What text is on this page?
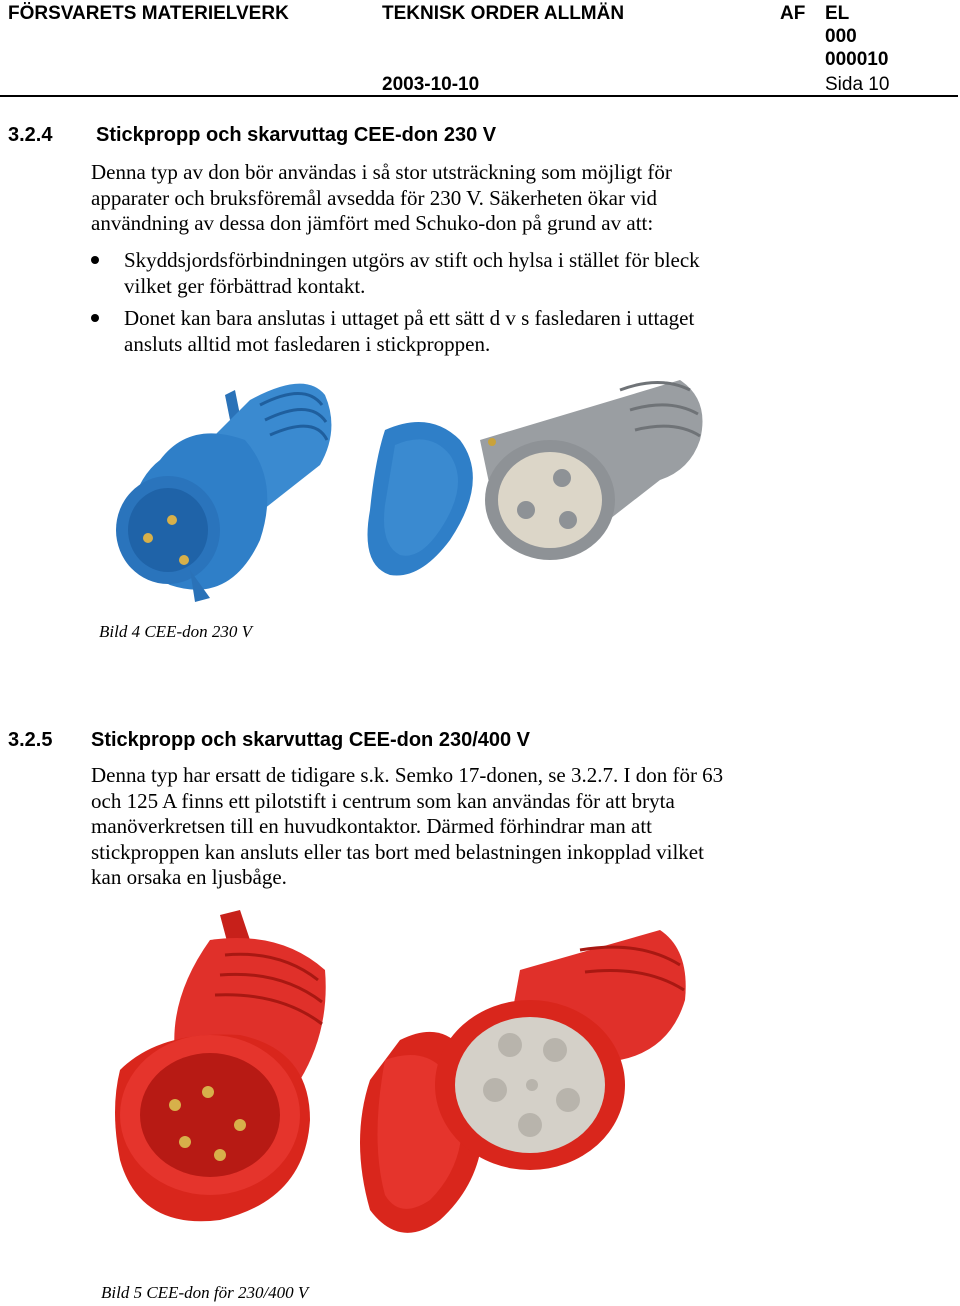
FÖRSVARETS MATERIELVERK	TEKNISK ORDER ALLMÄN	AF EL
000
000010
2003-10-10	Sida 10
3.2.4 Stickpropp och skarvuttag CEE-don 230 V
Denna typ av don bör användas i så stor utsträckning som möjligt för
apparater och bruksföremål avsedda för 230 V. Säkerheten ökar vid
användning av dessa don jämfört med Schuko-don på grund av att:
Skyddsjordsförbindningen utgörs av stift och hylsa i stället för bleck
vilket ger förbättrad kontakt.
Donet kan bara anslutas i uttaget på ett sätt d v s fasledaren i uttaget
ansluts alltid mot fasledaren i stickproppen.
Bild 4 CEE-don 230 V
3.2.5 Stickpropp och skarvuttag CEE-don 230/400 V
Denna typ har ersatt de tidigare s.k. Semko 17-donen, se 3.2.7. I don för 63
och 125 A finns ett pilotstift i centrum som kan användas för att bryta
manöverkretsen till en huvudkontaktor. Därmed förhindrar man att
stickproppen kan ansluts eller tas bort med belastningen inkopplad vilket
kan orsaka en ljusbåge.
Bild 5 CEE-don för 230/400 V
